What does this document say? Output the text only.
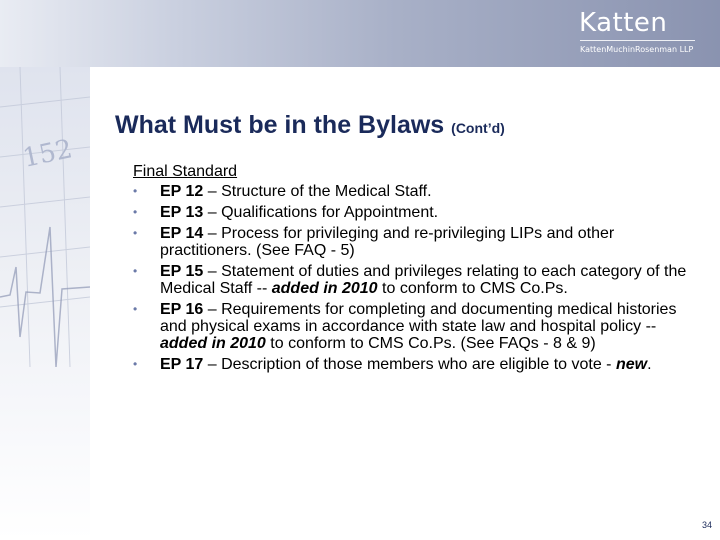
152
Katten
KattenMuchinRosenman LLP
What Must be in the Bylaws (Cont’d)
Final Standard
• EP 12 – Structure of the Medical Staff.
• EP 13 – Qualifications for Appointment.
• EP 14 – Process for privileging and re-privileging LIPs and other practitioners. (See FAQ - 5)
• EP 15 – Statement of duties and privileges relating to each category of the Medical Staff -- added in 2010 to conform to CMS Co.Ps.
• EP 16 – Requirements for completing and documenting medical histories and physical exams in accordance with state law and hospital policy -- added in 2010 to conform to CMS Co.Ps. (See FAQs - 8 & 9)
• EP 17 – Description of those members who are eligible to vote - new.
34
